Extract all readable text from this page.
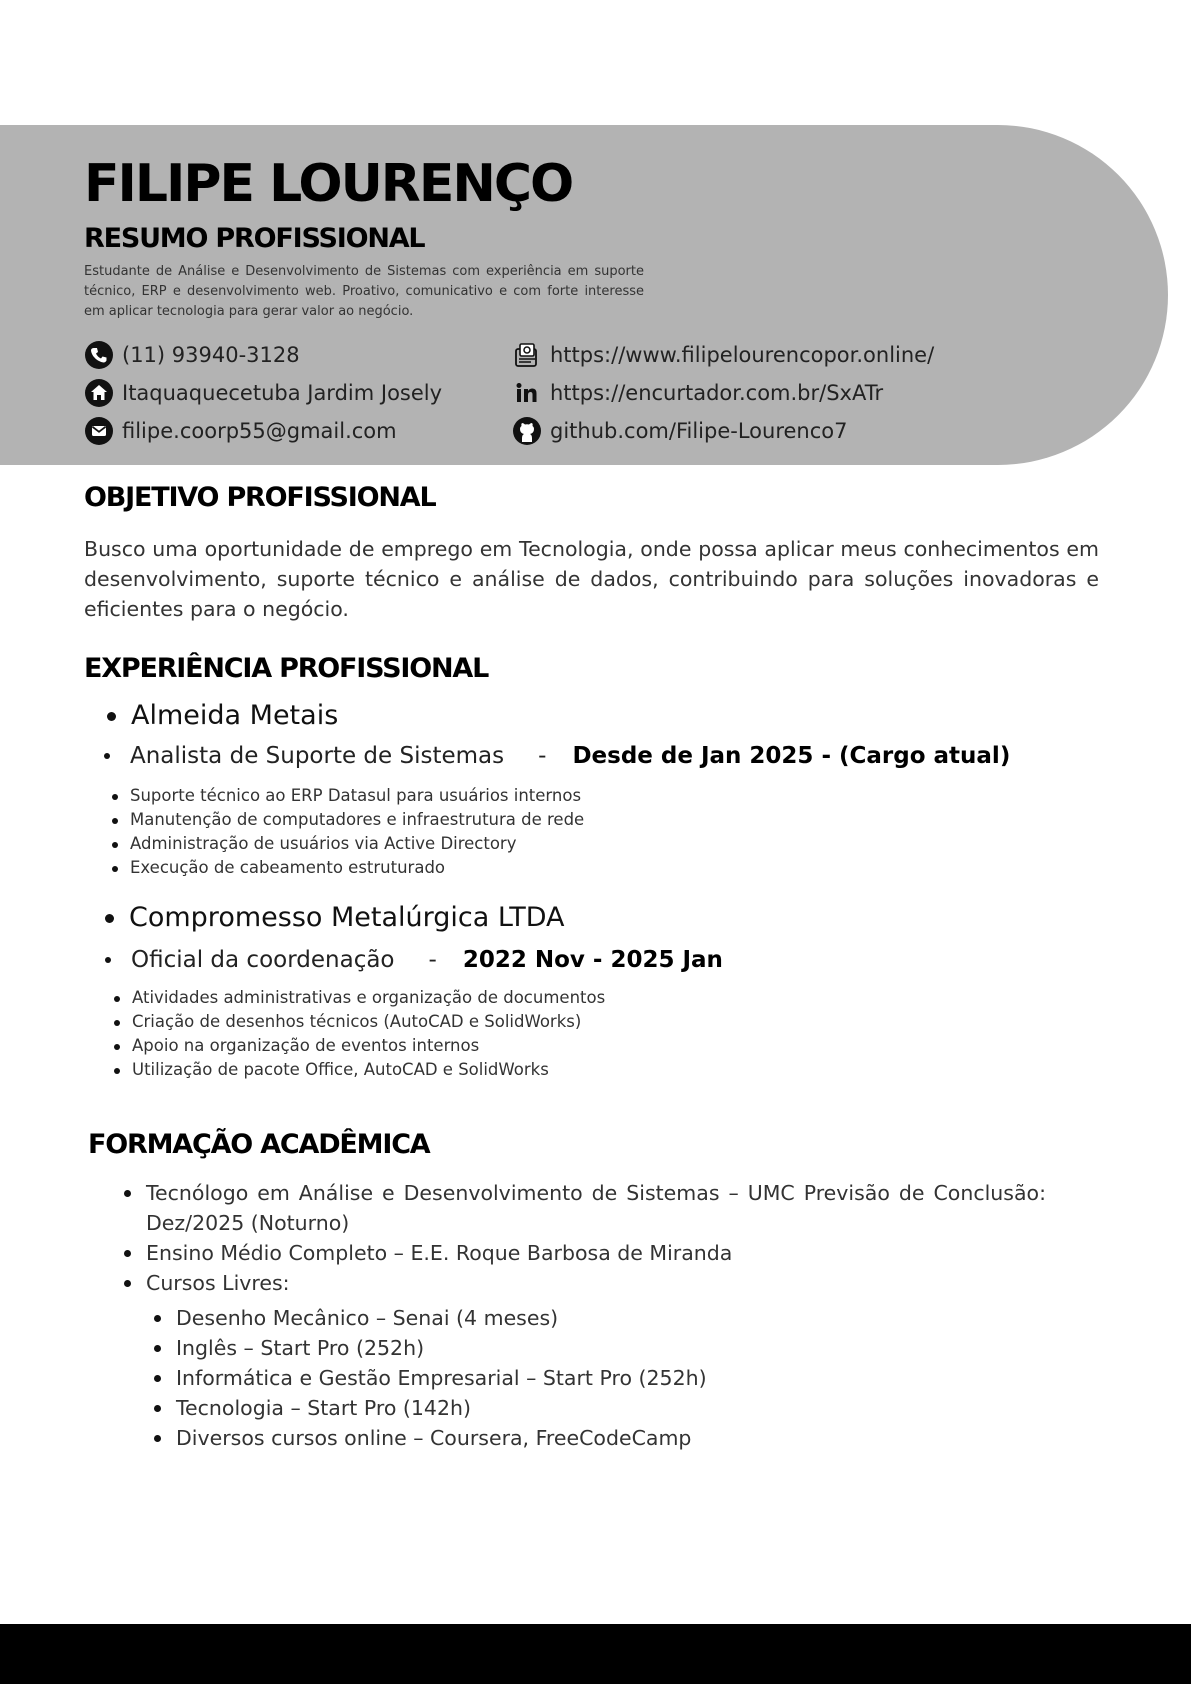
FILIPE LOURENÇO
RESUMO PROFISSIONAL

Estudante de Análise e Desenvolvimento de Sistemas com experiência em suporte técnico, ERP e desenvolvimento web. Proativo, comunicativo e com forte interesse em aplicar tecnologia para gerar valor ao negócio.

(11) 93940-3128
Itaquaquecetuba Jardim Josely
filipe.coorp55@gmail.com
https://www.filipelourencopor.online/
https://encurtador.com.br/SxATr
github.com/Filipe-Lourenco7
OBJETIVO PROFISSIONAL

Busco uma oportunidade de emprego em Tecnologia, onde possa aplicar meus conhecimentos em desenvolvimento, suporte técnico e análise de dados, contribuindo para soluções inovadoras e eficientes para o negócio.

EXPERIÊNCIA PROFISSIONAL
Almeida Metais
Analista de Suporte de Sistemas - Desde de Jan 2025 - (Cargo atual)
Suporte técnico ao ERP Datasul para usuários internos
Manutenção de computadores e infraestrutura de rede
Administração de usuários via Active Directory
Execução de cabeamento estruturado
Compromesso Metalúrgica LTDA
Oficial da coordenação - 2022 Nov - 2025 Jan
Atividades administrativas e organização de documentos
Criação de desenhos técnicos (AutoCAD e SolidWorks)
Apoio na organização de eventos internos
Utilização de pacote Office, AutoCAD e SolidWorks
FORMAÇÃO ACADÊMICA
Tecnólogo em Análise e Desenvolvimento de Sistemas – UMC Previsão de Conclusão: Dez/2025 (Noturno)
Ensino Médio Completo – E.E. Roque Barbosa de Miranda
Cursos Livres:
Desenho Mecânico – Senai (4 meses)
Inglês – Start Pro (252h)
Informática e Gestão Empresarial – Start Pro (252h)
Tecnologia – Start Pro (142h)
Diversos cursos online – Coursera, FreeCodeCamp
